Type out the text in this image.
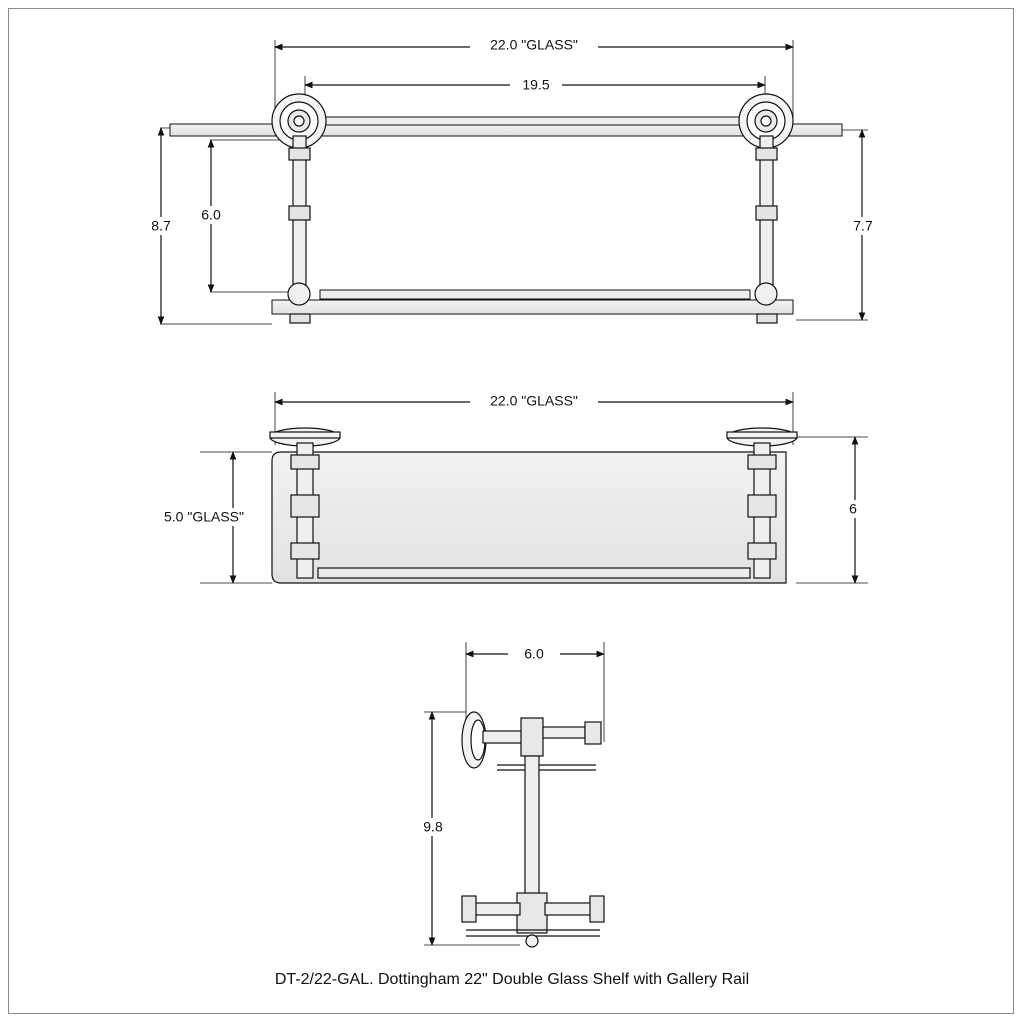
22.0 "GLASS"
19.5
8.7
6.0
7.7
22.0 "GLASS"
5.0 "GLASS"	6
6.0
9.8
DT-2/22-GAL. Dottingham 22" Double Glass Shelf with Gallery Rail
